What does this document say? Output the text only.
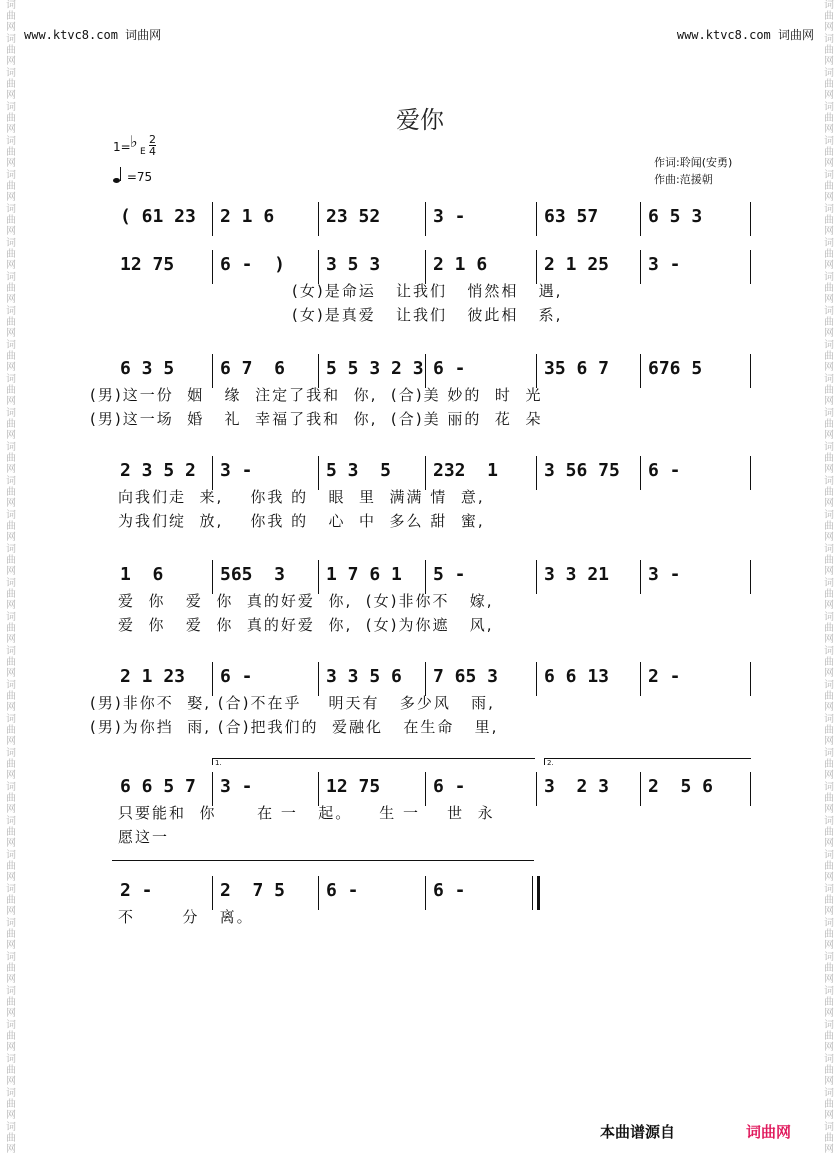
词
曲
网
词
曲
网
词
曲
网
词
曲
网
词
曲
网
词
曲
网
词
曲
网
词
曲
网
词
曲
网
词
曲
网
词
曲
网
词
曲
网
词
曲
网
词
曲
网
词
曲
网
词
曲
网
词
曲
网
词
曲
网
词
曲
网
词
曲
网
词
曲
网
词
曲
网
词
曲
网
词
曲
网
词
曲
网
词
曲
网
词
曲
网
词
曲
网
词
曲
网
词
曲
网
词
曲
网
词
曲
网
词
曲
网
词
曲
网
词
曲
网
词
曲
网
词
曲
网
词
曲
网
词
曲
网
词
曲
网
词
曲
网
词
曲
网
词
曲
网
词
曲
网
词
曲
网
词
曲
网
词
曲
网
词
曲
网
词
曲
网
词
曲
网
词
曲
网
词
曲
网
词
曲
网
词
曲
网
词
曲
网
词
曲
网
词
曲
网
词
曲
网
词
曲
网
词
曲
网
词
曲
网
词
曲
网
词
曲
网
词
曲
网
词
曲
网
词
曲
网
词
曲
网
词
曲
网
www.ktvc8.com 词曲网	www.ktvc8.com 词曲网
爱你
1= ♭
E
2

4
=75
作词:聆闻(安勇)
作曲:范援朝
( 61 23 2 1 6	23 52	3 -	63 57	6 5 3
12 75	6 -  ) 3 5 3	2 1 6	2 1 25 3 -
(女)是命运   让我们   悄然相   遇,
(女)是真爱   让我们   彼此相   系,
6 3 5	6 7  6 5 5 3 2 3 6 -	35 6 7 676 5
(男)这一份  姻   缘  注定了我和  你,  (合)美 妙的  时  光
(男)这一场  婚   礼  幸福了我和  你,  (合)美 丽的  花  朵
2 3 5 2 3 -	5 3  5 232  1	3 56 75 6 -
向我们走  来,    你我 的   眼  里  满满 情  意,
为我们绽  放,    你我 的   心  中  多么 甜  蜜,
1  6	565  3 1 7 6 1 5 -	3 3 21 3 -
爱  你   爱  你  真的好爱  你,  (女)非你不   嫁,
爱  你   爱  你  真的好爱  你,  (女)为你遮   风,
2 1 23 6 -	3 3 5 6 7 65 3	6 6 13 2 -
(男)非你不  娶, (合)不在乎    明天有   多少风   雨,
(男)为你挡  雨, (合)把我们的  爱融化   在生命   里,
6 6 5 7 3 -	12 75	6 -	3  2 3 2  5 6
只要能和  你      在 一   起。    生 一    世  永
愿这一
2 -	2  7 5 6 -	6 -
不       分   离。
1.	2.
本曲谱源自	词曲网
